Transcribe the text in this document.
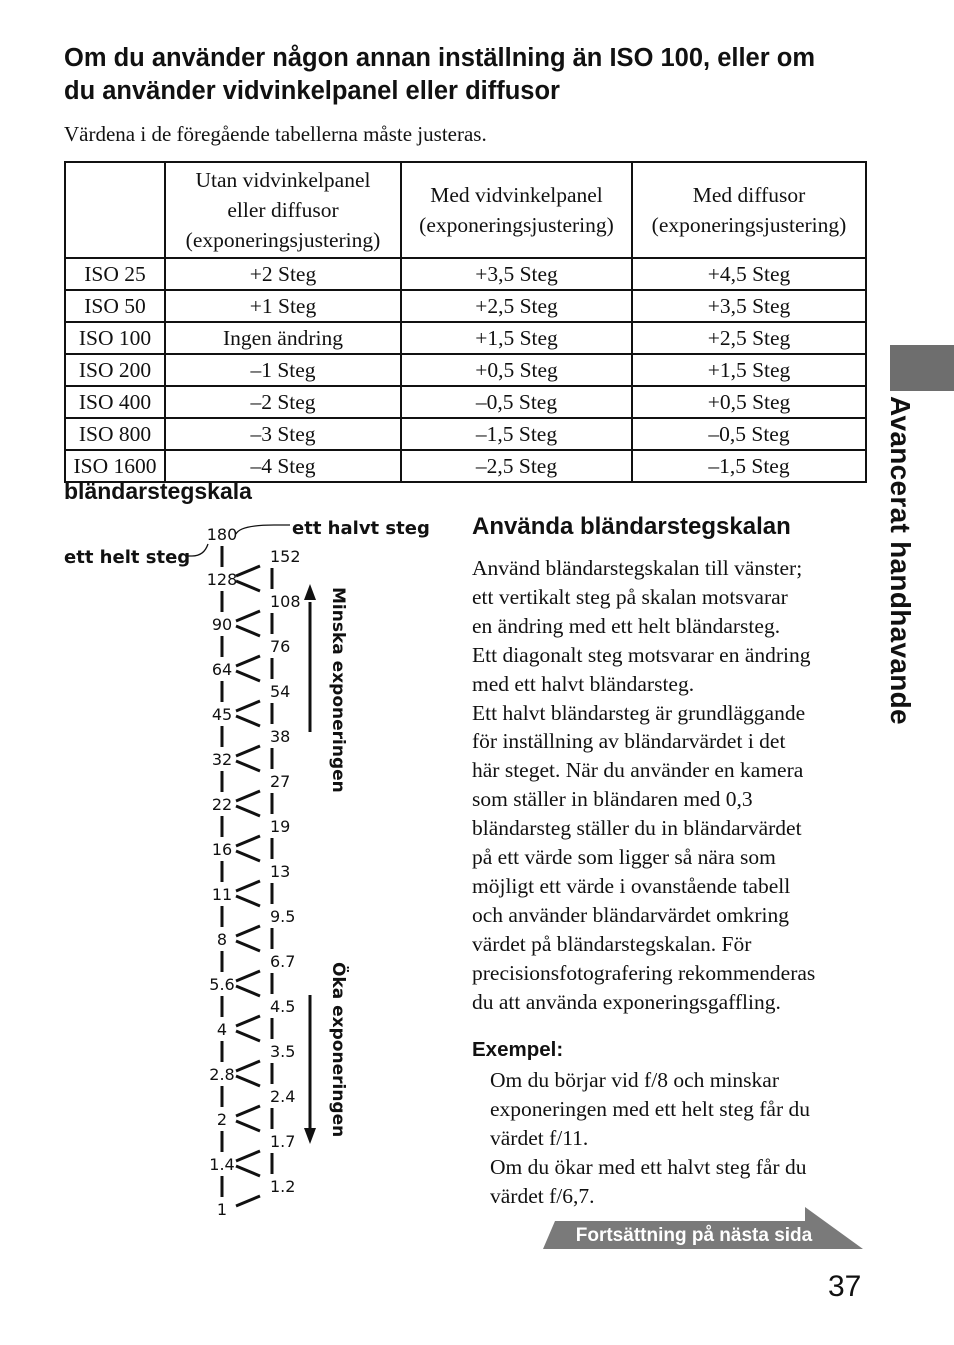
Om du använder någon annan inställning än ISO 100, eller om
du använder vidvinkelpanel eller diffusor

Värdena i de föregående tabellerna måste justeras.

	Utan vidvinkelpanel
eller diffusor
(exponeringsjustering)	Med vidvinkelpanel
(exponeringsjustering)	Med diffusor
(exponeringsjustering)
ISO 25	+2 Steg	+3,5 Steg	+4,5 Steg
ISO 50	+1 Steg	+2,5 Steg	+3,5 Steg
ISO 100	Ingen ändring	+1,5 Steg	+2,5 Steg
ISO 200	–1 Steg	+0,5 Steg	+1,5 Steg
ISO 400	–2 Steg	–0,5 Steg	+0,5 Steg
ISO 800	–3 Steg	–1,5 Steg	–0,5 Steg
ISO 1600	–4 Steg	–2,5 Steg	–1,5 Steg
bländarstegskala
180
128
90
64
45
32
22
16
11
8
5.6
4
2.8
2
1.4
1
152
108
76
54
38
27
19
13
9.5
6.7
4.5
3.5
2.4
1.7
1.2
ett halvt steg
ett helt steg
Minska exponeringen
Öka exponeringen
Avancerat handhavande
Använda bländarstegskalan

Använd bländarstegskalan till vänster;

ett vertikalt steg på skalan motsvarar

en ändring med ett helt bländarsteg.

Ett diagonalt steg motsvarar en ändring

med ett halvt bländarsteg.

Ett halvt bländarsteg är grundläggande

för inställning av bländarvärdet i det

här steget. När du använder en kamera

som ställer in bländaren med 0,3

bländarsteg ställer du in bländarvärdet

på ett värde som ligger så nära som

möjligt ett värde i ovanstående tabell

och använder bländarvärdet omkring

värdet på bländarstegskalan. För

precisionsfotografering rekommenderas

du att använda exponeringsgaffling.

Exempel:

Om du börjar vid f/8 och minskar

exponeringen med ett helt steg får du

värdet f/11.

Om du ökar med ett halvt steg får du

värdet f/6,7.

Fortsättning på nästa sida

37
